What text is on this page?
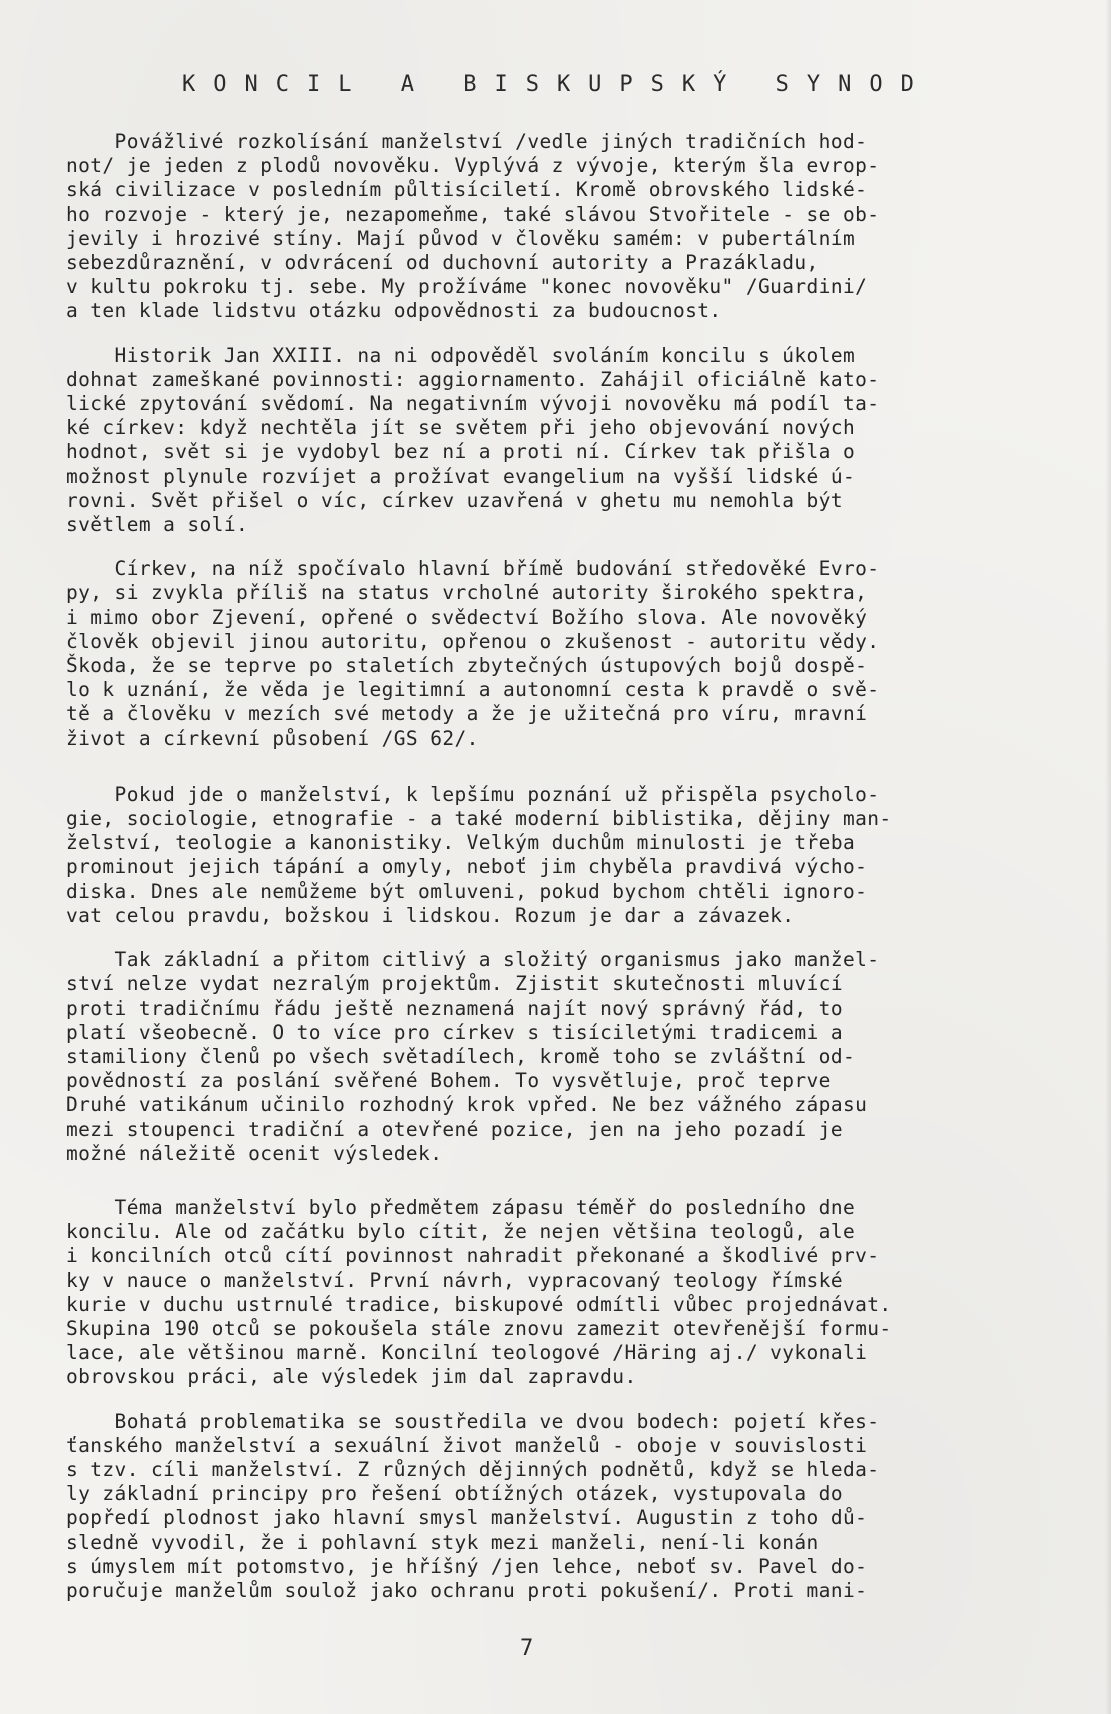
KONCIL A BISKUPSKÝ SYNOD
Povážlivé rozkolísání manželství /vedle jiných tradičních hod-
not/ je jeden z plodů novověku. Vyplývá z vývoje, kterým šla evrop-
ská civilizace v posledním půltisíciletí. Kromě obrovského lidské-
ho rozvoje - který je, nezapomeňme, také slávou Stvořitele - se ob-
jevily i hrozivé stíny. Mají původ v člověku samém: v pubertálním
sebezdůraznění, v odvrácení od duchovní autority a Prazákladu,
v kultu pokroku tj. sebe. My prožíváme "konec novověku" /Guardini/
a ten klade lidstvu otázku odpovědnosti za budoucnost.
Historik Jan XXIII. na ni odpověděl svoláním koncilu s úkolem
dohnat zameškané povinnosti: aggiornamento. Zahájil oficiálně kato-
lické zpytování svědomí. Na negativním vývoji novověku má podíl ta-
ké církev: když nechtěla jít se světem při jeho objevování nových
hodnot, svět si je vydobyl bez ní a proti ní. Církev tak přišla o
možnost plynule rozvíjet a prožívat evangelium na vyšší lidské ú-
rovni. Svět přišel o víc, církev uzavřená v ghetu mu nemohla být
světlem a solí.
Církev, na níž spočívalo hlavní břímě budování středověké Evro-
py, si zvykla příliš na status vrcholné autority širokého spektra,
i mimo obor Zjevení, opřené o svědectví Božího slova. Ale novověký
člověk objevil jinou autoritu, opřenou o zkušenost - autoritu vědy.
Škoda, že se teprve po staletích zbytečných ústupových bojů dospě-
lo k uznání, že věda je legitimní a autonomní cesta k pravdě o svě-
tě a člověku v mezích své metody a že je užitečná pro víru, mravní
život a církevní působení /GS 62/.
Pokud jde o manželství, k lepšímu poznání už přispěla psycholo-
gie, sociologie, etnografie - a také moderní biblistika, dějiny man-
želství, teologie a kanonistiky. Velkým duchům minulosti je třeba
prominout jejich tápání a omyly, neboť jim chyběla pravdivá výcho-
diska. Dnes ale nemůžeme být omluveni, pokud bychom chtěli ignoro-
vat celou pravdu, božskou i lidskou. Rozum je dar a závazek.
Tak základní a přitom citlivý a složitý organismus jako manžel-
ství nelze vydat nezralým projektům. Zjistit skutečnosti mluvící
proti tradičnímu řádu ještě neznamená najít nový správný řád, to
platí všeobecně. O to více pro církev s tisíciletými tradicemi a
stamiliony členů po všech světadílech, kromě toho se zvláštní od-
povědností za poslání svěřené Bohem. To vysvětluje, proč teprve
Druhé vatikánum učinilo rozhodný krok vpřed. Ne bez vážného zápasu
mezi stoupenci tradiční a otevřené pozice, jen na jeho pozadí je
možné náležitě ocenit výsledek.
Téma manželství bylo předmětem zápasu téměř do posledního dne
koncilu. Ale od začátku bylo cítit, že nejen většina teologů, ale
i koncilních otců cítí povinnost nahradit překonané a škodlivé prv-
ky v nauce o manželství. První návrh, vypracovaný teology římské
kurie v duchu ustrnulé tradice, biskupové odmítli vůbec projednávat.
Skupina 190 otců se pokoušela stále znovu zamezit otevřenější formu-
lace, ale většinou marně. Koncilní teologové /Häring aj./ vykonali
obrovskou práci, ale výsledek jim dal zapravdu.
Bohatá problematika se soustředila ve dvou bodech: pojetí křes-
ťanského manželství a sexuální život manželů - oboje v souvislosti
s tzv. cíli manželství. Z různých dějinných podnětů, když se hleda-
ly základní principy pro řešení obtížných otázek, vystupovala do
popředí plodnost jako hlavní smysl manželství. Augustin z toho dů-
sledně vyvodil, že i pohlavní styk mezi manželi, není-li konán
s úmyslem mít potomstvo, je hříšný /jen lehce, neboť sv. Pavel do-
poručuje manželům soulož jako ochranu proti pokušení/. Proti mani-
7
